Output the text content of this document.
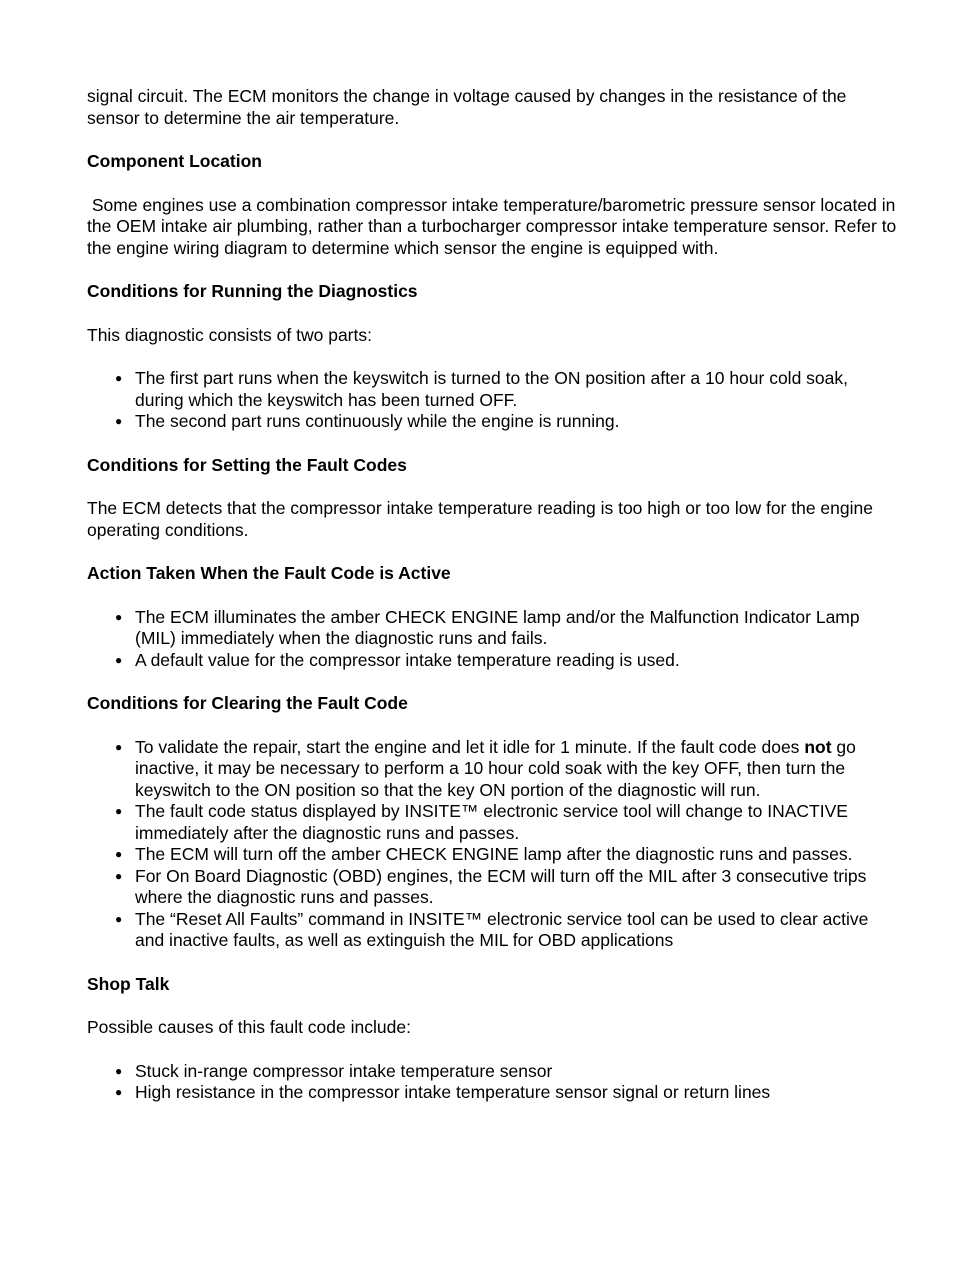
signal circuit. The ECM monitors the change in voltage caused by changes in the resistance of the sensor to determine the air temperature.

Component Location

Some engines use a combination compressor intake temperature/barometric pressure sensor located in the OEM intake air plumbing, rather than a turbocharger compressor intake temperature sensor. Refer to the engine wiring diagram to determine which sensor the engine is equipped with.

Conditions for Running the Diagnostics

This diagnostic consists of two parts:

● The first part runs when the keyswitch is turned to the ON position after a 10 hour cold soak, during which the keyswitch has been turned OFF.
● The second part runs continuously while the engine is running.
Conditions for Setting the Fault Codes

The ECM detects that the compressor intake temperature reading is too high or too low for the engine operating conditions.

Action Taken When the Fault Code is Active
● The ECM illuminates the amber CHECK ENGINE lamp and/or the Malfunction Indicator Lamp (MIL) immediately when the diagnostic runs and fails.
● A default value for the compressor intake temperature reading is used.
Conditions for Clearing the Fault Code
● To validate the repair, start the engine and let it idle for 1 minute. If the fault code does not go inactive, it may be necessary to perform a 10 hour cold soak with the key OFF, then turn the keyswitch to the ON position so that the key ON portion of the diagnostic will run.
● The fault code status displayed by INSITE™ electronic service tool will change to INACTIVE immediately after the diagnostic runs and passes.
● The ECM will turn off the amber CHECK ENGINE lamp after the diagnostic runs and passes.
● For On Board Diagnostic (OBD) engines, the ECM will turn off the MIL after 3 consecutive trips where the diagnostic runs and passes.
● The “Reset All Faults” command in INSITE™ electronic service tool can be used to clear active and inactive faults, as well as extinguish the MIL for OBD applications
Shop Talk

Possible causes of this fault code include:

● Stuck in-range compressor intake temperature sensor
● High resistance in the compressor intake temperature sensor signal or return lines
